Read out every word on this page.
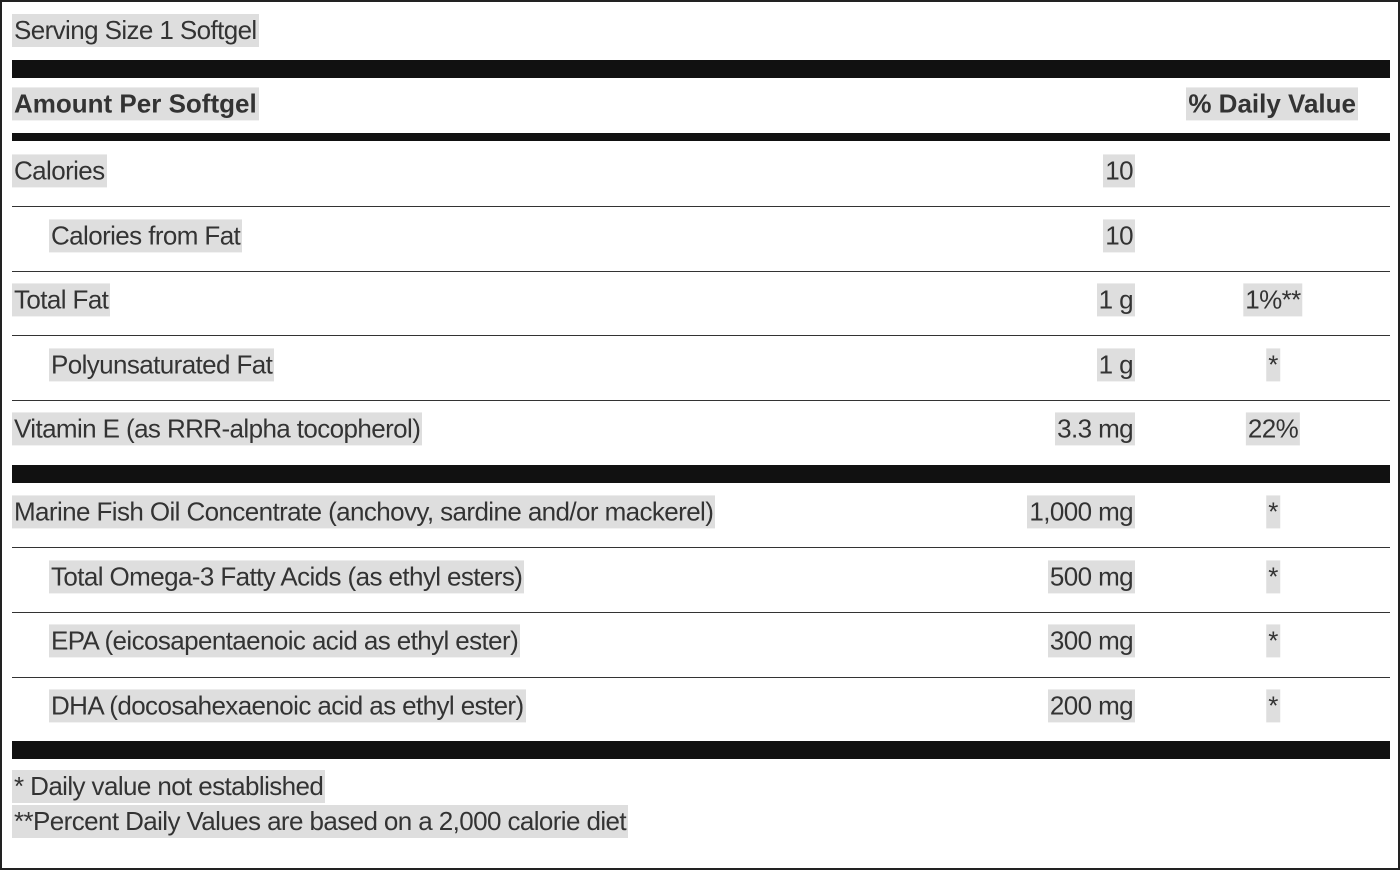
Serving Size 1 Softgel
Amount Per Softgel	% Daily Value
Calories	10
Calories from Fat	10
Total Fat	1 g	1%**
Polyunsaturated Fat	1 g	*
Vitamin E (as RRR-alpha tocopherol)	3.3 mg	22%
Marine Fish Oil Concentrate (anchovy, sardine and/or mackerel)	1,000 mg	*
Total Omega-3 Fatty Acids (as ethyl esters)	500 mg	*
EPA (eicosapentaenoic acid as ethyl ester)	300 mg	*
DHA (docosahexaenoic acid as ethyl ester)	200 mg	*
* Daily value not established
**Percent Daily Values are based on a 2,000 calorie diet
